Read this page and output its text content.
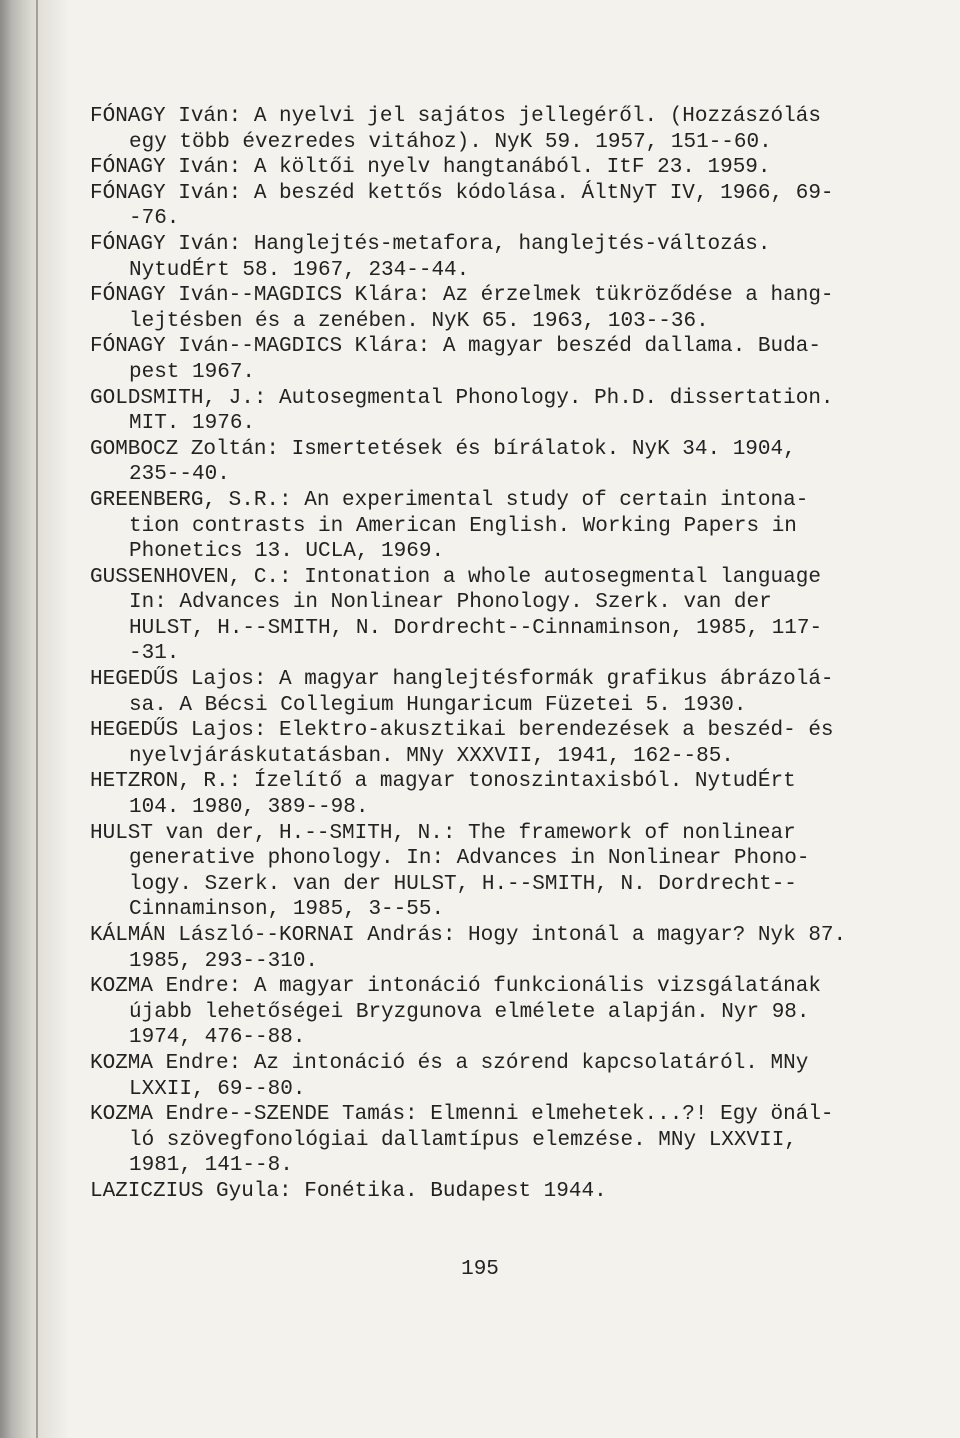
FÓNAGY Iván: A nyelvi jel sajátos jellegéről. (Hozzászólás
egy több évezredes vitához). NyK 59. 1957, 151--60.
FÓNAGY Iván: A költői nyelv hangtanából. ItF 23. 1959.
FÓNAGY Iván: A beszéd kettős kódolása. ÁltNyT IV, 1966, 69-
-76.
FÓNAGY Iván: Hanglejtés-metafora, hanglejtés-változás.
NytudÉrt 58. 1967, 234--44.
FÓNAGY Iván--MAGDICS Klára: Az érzelmek tükröződése a hang-
lejtésben és a zenében. NyK 65. 1963, 103--36.
FÓNAGY Iván--MAGDICS Klára: A magyar beszéd dallama. Buda-
pest 1967.
GOLDSMITH, J.: Autosegmental Phonology. Ph.D. dissertation.
MIT. 1976.
GOMBOCZ Zoltán: Ismertetések és bírálatok. NyK 34. 1904,
235--40.
GREENBERG, S.R.: An experimental study of certain intona-
tion contrasts in American English. Working Papers in
Phonetics 13. UCLA, 1969.
GUSSENHOVEN, C.: Intonation a whole autosegmental language
In: Advances in Nonlinear Phonology. Szerk. van der
HULST, H.--SMITH, N. Dordrecht--Cinnaminson, 1985, 117-
-31.
HEGEDŰS Lajos: A magyar hanglejtésformák grafikus ábrázolá-
sa. A Bécsi Collegium Hungaricum Füzetei 5. 1930.
HEGEDŰS Lajos: Elektro-akusztikai berendezések a beszéd- és
nyelvjáráskutatásban. MNy XXXVII, 1941, 162--85.
HETZRON, R.: Ízelítő a magyar tonoszintaxisból. NytudÉrt
104. 1980, 389--98.
HULST van der, H.--SMITH, N.: The framework of nonlinear
generative phonology. In: Advances in Nonlinear Phono-
logy. Szerk. van der HULST, H.--SMITH, N. Dordrecht--
Cinnaminson, 1985, 3--55.
KÁLMÁN László--KORNAI András: Hogy intonál a magyar? Nyk 87.
1985, 293--310.
KOZMA Endre: A magyar intonáció funkcionális vizsgálatának
újabb lehetőségei Bryzgunova elmélete alapján. Nyr 98.
1974, 476--88.
KOZMA Endre: Az intonáció és a szórend kapcsolatáról. MNy
LXXII, 69--80.
KOZMA Endre--SZENDE Tamás: Elmenni elmehetek...?! Egy önál-
ló szövegfonológiai dallamtípus elemzése. MNy LXXVII,
1981, 141--8.
LAZICZIUS Gyula: Fonétika. Budapest 1944.
195
